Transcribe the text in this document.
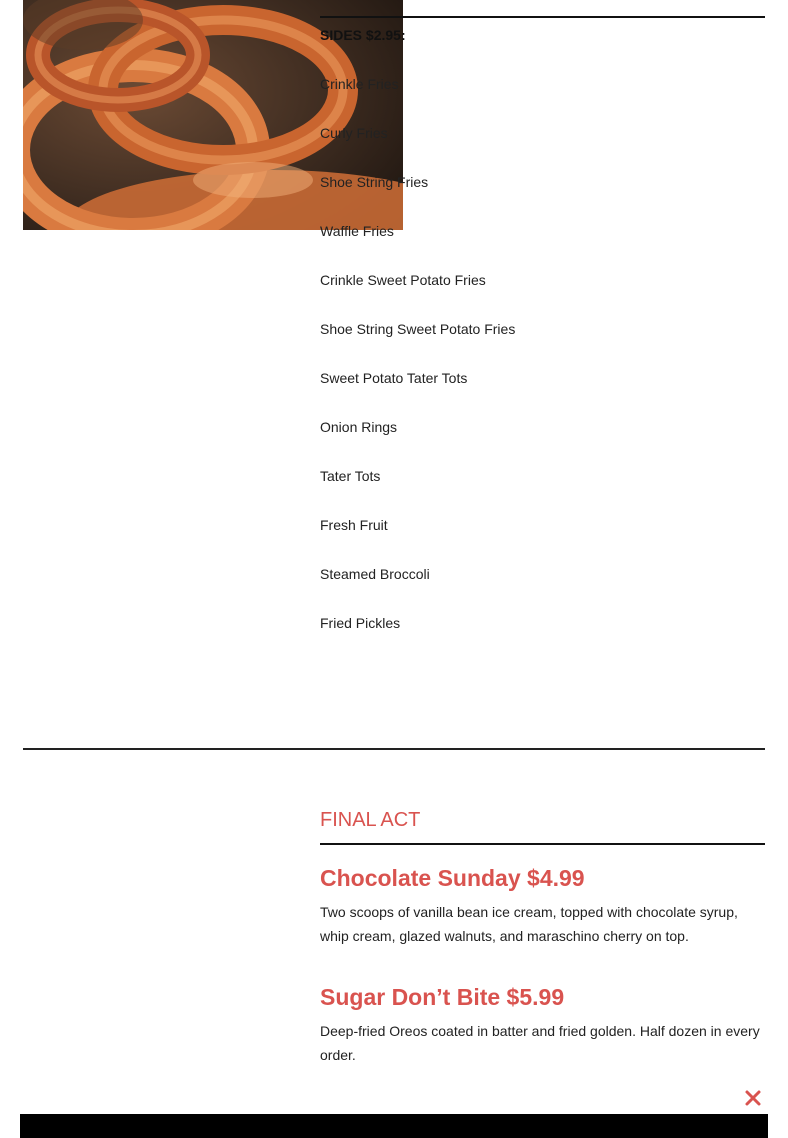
SIDES $2.95:
Crinkle Fries
Curly Fries
Shoe String Fries
Waffle Fries
Crinkle Sweet Potato Fries
Shoe String Sweet Potato Fries
Sweet Potato Tater Tots
Onion Rings
Tater Tots
Fresh Fruit
Steamed Broccoli
Fried Pickles
FINAL ACT
Chocolate Sunday $4.99

Two scoops of vanilla bean ice cream, topped with chocolate syrup, whip cream, glazed walnuts, and maraschino cherry on top.

Sugar Don’t Bite $5.99

Deep-fried Oreos coated in batter and fried golden. Half dozen in every order.
